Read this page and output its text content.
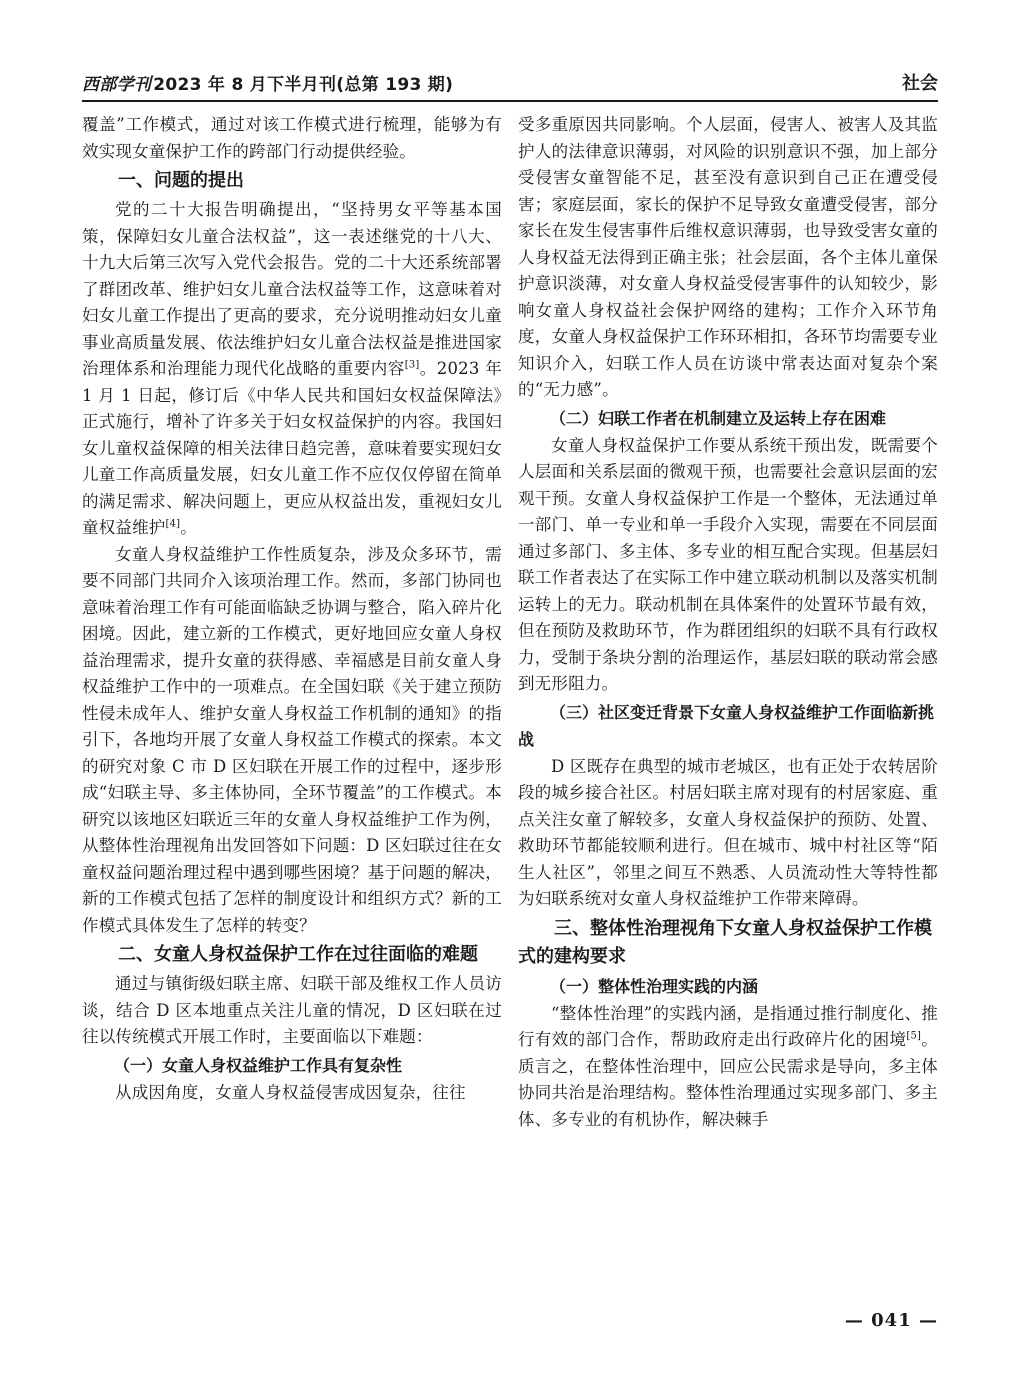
西部学刊 2023 年 8 月下半月刊(总第 193 期)	社会

覆盖”工作模式，通过对该工作模式进行梳理，能够为有效实现女童保护工作的跨部门行动提供经验。

一、问题的提出

党的二十大报告明确提出，“坚持男女平等基本国策，保障妇女儿童合法权益”，这一表述继党的十八大、十九大后第三次写入党代会报告。党的二十大还系统部署了群团改革、维护妇女儿童合法权益等工作，这意味着对妇女儿童工作提出了更高的要求，充分说明推动妇女儿童事业高质量发展、依法维护妇女儿童合法权益是推进国家治理体系和治理能力现代化战略的重要内容[3]。2023 年 1 月 1 日起，修订后《中华人民共和国妇女权益保障法》正式施行，增补了许多关于妇女权益保护的内容。我国妇女儿童权益保障的相关法律日趋完善，意味着要实现妇女儿童工作高质量发展，妇女儿童工作不应仅仅停留在简单的满足需求、解决问题上，更应从权益出发，重视妇女儿童权益维护[4]。

女童人身权益维护工作性质复杂，涉及众多环节，需要不同部门共同介入该项治理工作。然而，多部门协同也意味着治理工作有可能面临缺乏协调与整合，陷入碎片化困境。因此，建立新的工作模式，更好地回应女童人身权益治理需求，提升女童的获得感、幸福感是目前女童人身权益维护工作中的一项难点。在全国妇联《关于建立预防性侵未成年人、维护女童人身权益工作机制的通知》的指引下，各地均开展了女童人身权益工作模式的探索。本文的研究对象 C 市 D 区妇联在开展工作的过程中，逐步形成“妇联主导、多主体协同，全环节覆盖”的工作模式。本研究以该地区妇联近三年的女童人身权益维护工作为例，从整体性治理视角出发回答如下问题：D 区妇联过往在女童权益问题治理过程中遇到哪些困境？基于问题的解决，新的工作模式包括了怎样的制度设计和组织方式？新的工作模式具体发生了怎样的转变？

二、女童人身权益保护工作在过往面临的难题

通过与镇街级妇联主席、妇联干部及维权工作人员访谈，结合 D 区本地重点关注儿童的情况，D 区妇联在过往以传统模式开展工作时，主要面临以下难题：

（一）女童人身权益维护工作具有复杂性

从成因角度，女童人身权益侵害成因复杂，往往

受多重原因共同影响。个人层面，侵害人、被害人及其监护人的法律意识薄弱，对风险的识别意识不强，加上部分受侵害女童智能不足，甚至没有意识到自己正在遭受侵害；家庭层面，家长的保护不足导致女童遭受侵害，部分家长在发生侵害事件后维权意识薄弱，也导致受害女童的人身权益无法得到正确主张；社会层面，各个主体儿童保护意识淡薄，对女童人身权益受侵害事件的认知较少，影响女童人身权益社会保护网络的建构；工作介入环节角度，女童人身权益保护工作环环相扣，各环节均需要专业知识介入，妇联工作人员在访谈中常表达面对复杂个案的“无力感”。

（二）妇联工作者在机制建立及运转上存在困难

女童人身权益保护工作要从系统干预出发，既需要个人层面和关系层面的微观干预，也需要社会意识层面的宏观干预。女童人身权益保护工作是一个整体，无法通过单一部门、单一专业和单一手段介入实现，需要在不同层面通过多部门、多主体、多专业的相互配合实现。但基层妇联工作者表达了在实际工作中建立联动机制以及落实机制运转上的无力。联动机制在具体案件的处置环节最有效，但在预防及救助环节，作为群团组织的妇联不具有行政权力，受制于条块分割的治理运作，基层妇联的联动常会感到无形阻力。

（三）社区变迁背景下女童人身权益维护工作面临新挑战

D 区既存在典型的城市老城区，也有正处于农转居阶段的城乡接合社区。村居妇联主席对现有的村居家庭、重点关注女童了解较多，女童人身权益保护的预防、处置、救助环节都能较顺利进行。但在城市、城中村社区等“陌生人社区”，邻里之间互不熟悉、人员流动性大等特性都为妇联系统对女童人身权益维护工作带来障碍。

三、整体性治理视角下女童人身权益保护工作模式的建构要求
（一）整体性治理实践的内涵

“整体性治理”的实践内涵，是指通过推行制度化、推行有效的部门合作，帮助政府走出行政碎片化的困境[5]。质言之，在整体性治理中，回应公民需求是导向，多主体协同共治是治理结构。整体性治理通过实现多部门、多主体、多专业的有机协作，解决棘手

— 041 —
